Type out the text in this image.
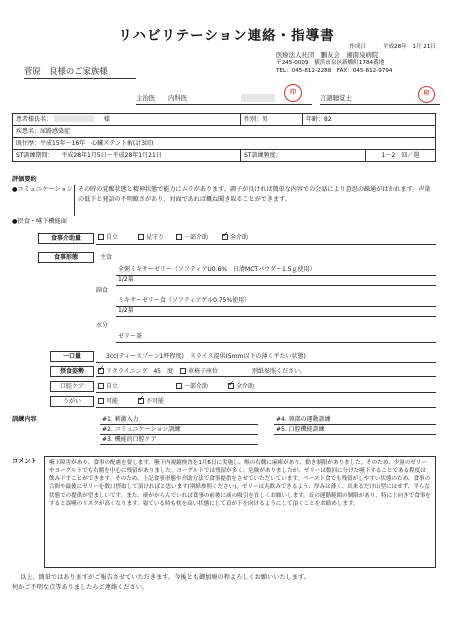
リハビリテーション連絡・指導書
作成日　　　平成28年　1月 21日
医療法人社団　鵬友会　湘南泉病院
〒245-0009　横浜市泉区新橋町1784番地
TEL：045-812-2288　FAX：045-812-9794
菅原　良様のご家族様
主治医　　内科医
印
言語聴覚士
印
患者様氏名： 様	性別：男	年齢：82	
疾患名：尿路感染症			
既往歴：平成15年〜16年　心臓ステント術(計3回)			
ST訓練期間： 平成28年1月5日〜平成28年1月21日	ST訓練頻度：		1〜2　回／週
評価要約
●コミュニケーション その時の覚醒状態と精神状態で能力にムラがあります。調子が良ければ簡単な内容での会話により意思の疎通がはかれます。声量の低下と発語の不明瞭さがあり、対面であれば概ね聞き取ることができます。
●摂食・嚥下機能面
食事介助量	自立	見守り	一部介助 ✓	全介助
食事形態	主食
全粥ミキサーゼリー（ソフティアU0.6%　日清MCTパウダー1.5ｇ使用）
1/2量
副食
ミキサーゼリー食（ソフティアゲル0.75%使用）
1/2量
水分
ゼリー茶
一口量	3cc(ティースプーン1杯程度)　スライス提供(5mm以下の薄く平たい状態)
摂食姿勢 ✓	リクライニング　45　度	車椅子座位	別紙参照ください。
口腔ケア	自立	一部介助 ✓	全介助
うがい	可能 ✓	不可能
訓練内容	#1. 刺激入力
#2. コミュニケーション訓練
#3. 機能的口腔ケア
#4. 頸部の運動訓練
#5. 口腔機能訓練
コメント	嚥下障害があり、食事の配慮を要します。嚥下内視鏡検査を1月6日に実施し、喉の右側に麻痺があり、動き制限がありました。そのため、少量のゼリーやヨーグルトでも右側を中心に残留がありました。ヨーグルトでは残留が多く、危険がありましたが、ゼリーは数回に分けた嚥下することである程度は飲み下すことができます。そのため、上記食事形態や介助方法で食事提供をさせていただいています。ペースト食でも残留がしやすい状態のため、食事の合間や最後にゼリーを数口摂取して頂ければと思います(別紙参照ください)。ゼリーは丸飲みできるよう、厚みは薄く、出来るだけ山型にはせず、平らな状態での提供が望ましいです。また、痰がからんでいれば食事の前後に痰の吸引を宜しくお願いします。首の運動範囲の制限があり、特に上向きで食事をすると誤嚥のリスクが高くなります。寝ている時も枕を高い状態にして首が下を向けるようにして頂くことをお勧めします。
以上、簡単ではありますがご報告させていただきます。今後とも御加療の程よろしくお願いいたします。
何かご不明な点等ありましたらご連絡ください。
